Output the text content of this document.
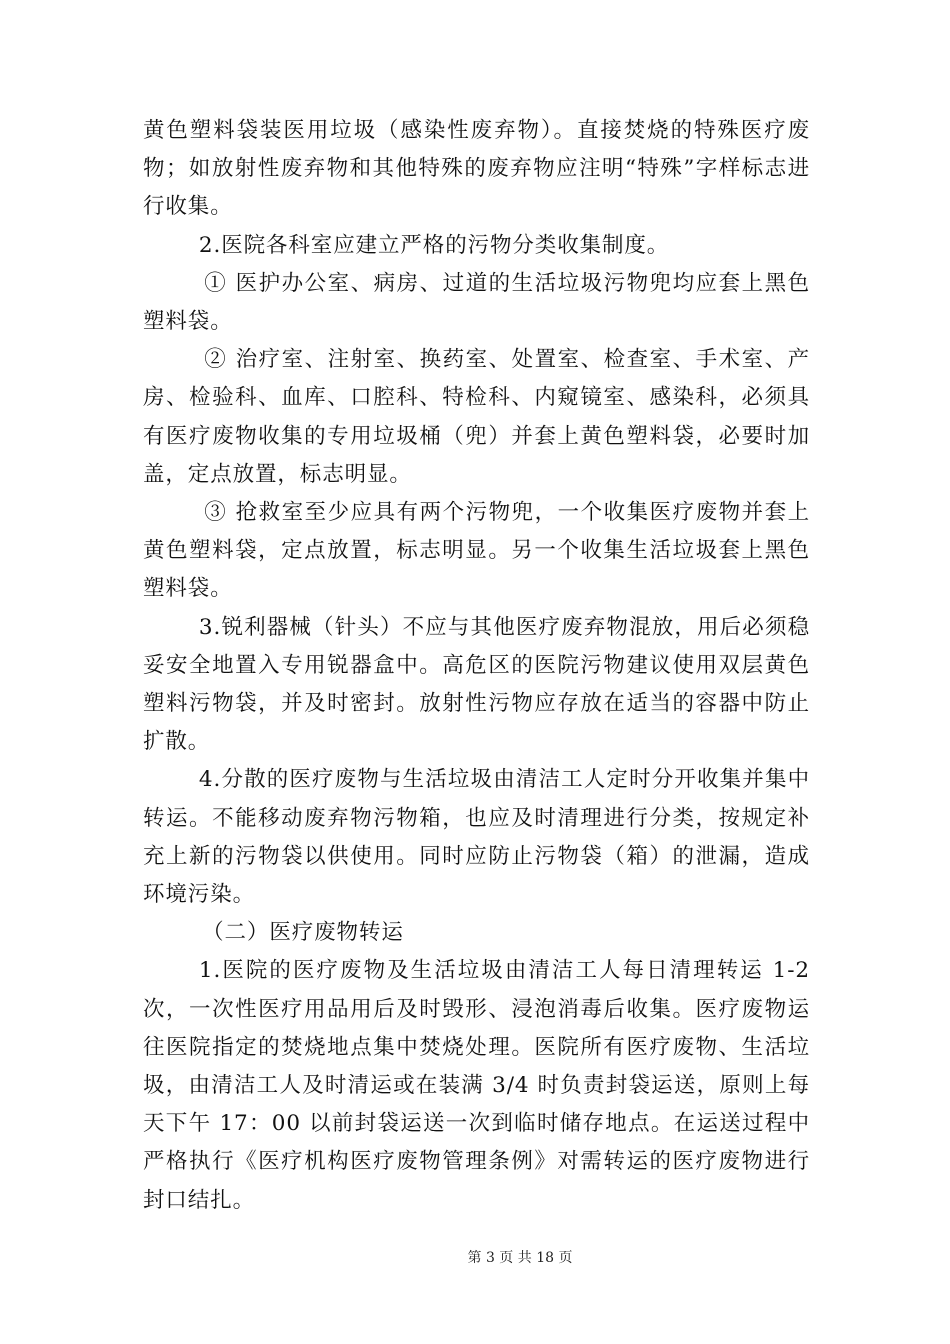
黄色塑料袋装医用垃圾（感染性废弃物）。直接焚烧的特殊医疗废物；如放射性废弃物和其他特殊的废弃物应注明“特殊”字样标志进行收集。

2.医院各科室应建立严格的污物分类收集制度。

① 医护办公室、病房、过道的生活垃圾污物兜均应套上黑色塑料袋。

② 治疗室、注射室、换药室、处置室、检查室、手术室、产房、检验科、血库、口腔科、特检科、内窥镜室、感染科，必须具有医疗废物收集的专用垃圾桶（兜）并套上黄色塑料袋，必要时加盖，定点放置，标志明显。

③ 抢救室至少应具有两个污物兜，一个收集医疗废物并套上黄色塑料袋，定点放置，标志明显。另一个收集生活垃圾套上黑色塑料袋。

3.锐利器械（针头）不应与其他医疗废弃物混放，用后必须稳妥安全地置入专用锐器盒中。高危区的医院污物建议使用双层黄色塑料污物袋，并及时密封。放射性污物应存放在适当的容器中防止扩散。

4.分散的医疗废物与生活垃圾由清洁工人定时分开收集并集中转运。不能移动废弃物污物箱，也应及时清理进行分类，按规定补充上新的污物袋以供使用。同时应防止污物袋（箱）的泄漏，造成环境污染。

（二）医疗废物转运

1.医院的医疗废物及生活垃圾由清洁工人每日清理转运 1-2 次，一次性医疗用品用后及时毁形、浸泡消毒后收集。医疗废物运往医院指定的焚烧地点集中焚烧处理。医院所有医疗废物、生活垃圾，由清洁工人及时清运或在装满 3/4 时负责封袋运送，原则上每天下午 17：00 以前封袋运送一次到临时储存地点。在运送过程中严格执行《医疗机构医疗废物管理条例》对需转运的医疗废物进行封口结扎。

第 3 页 共 18 页
